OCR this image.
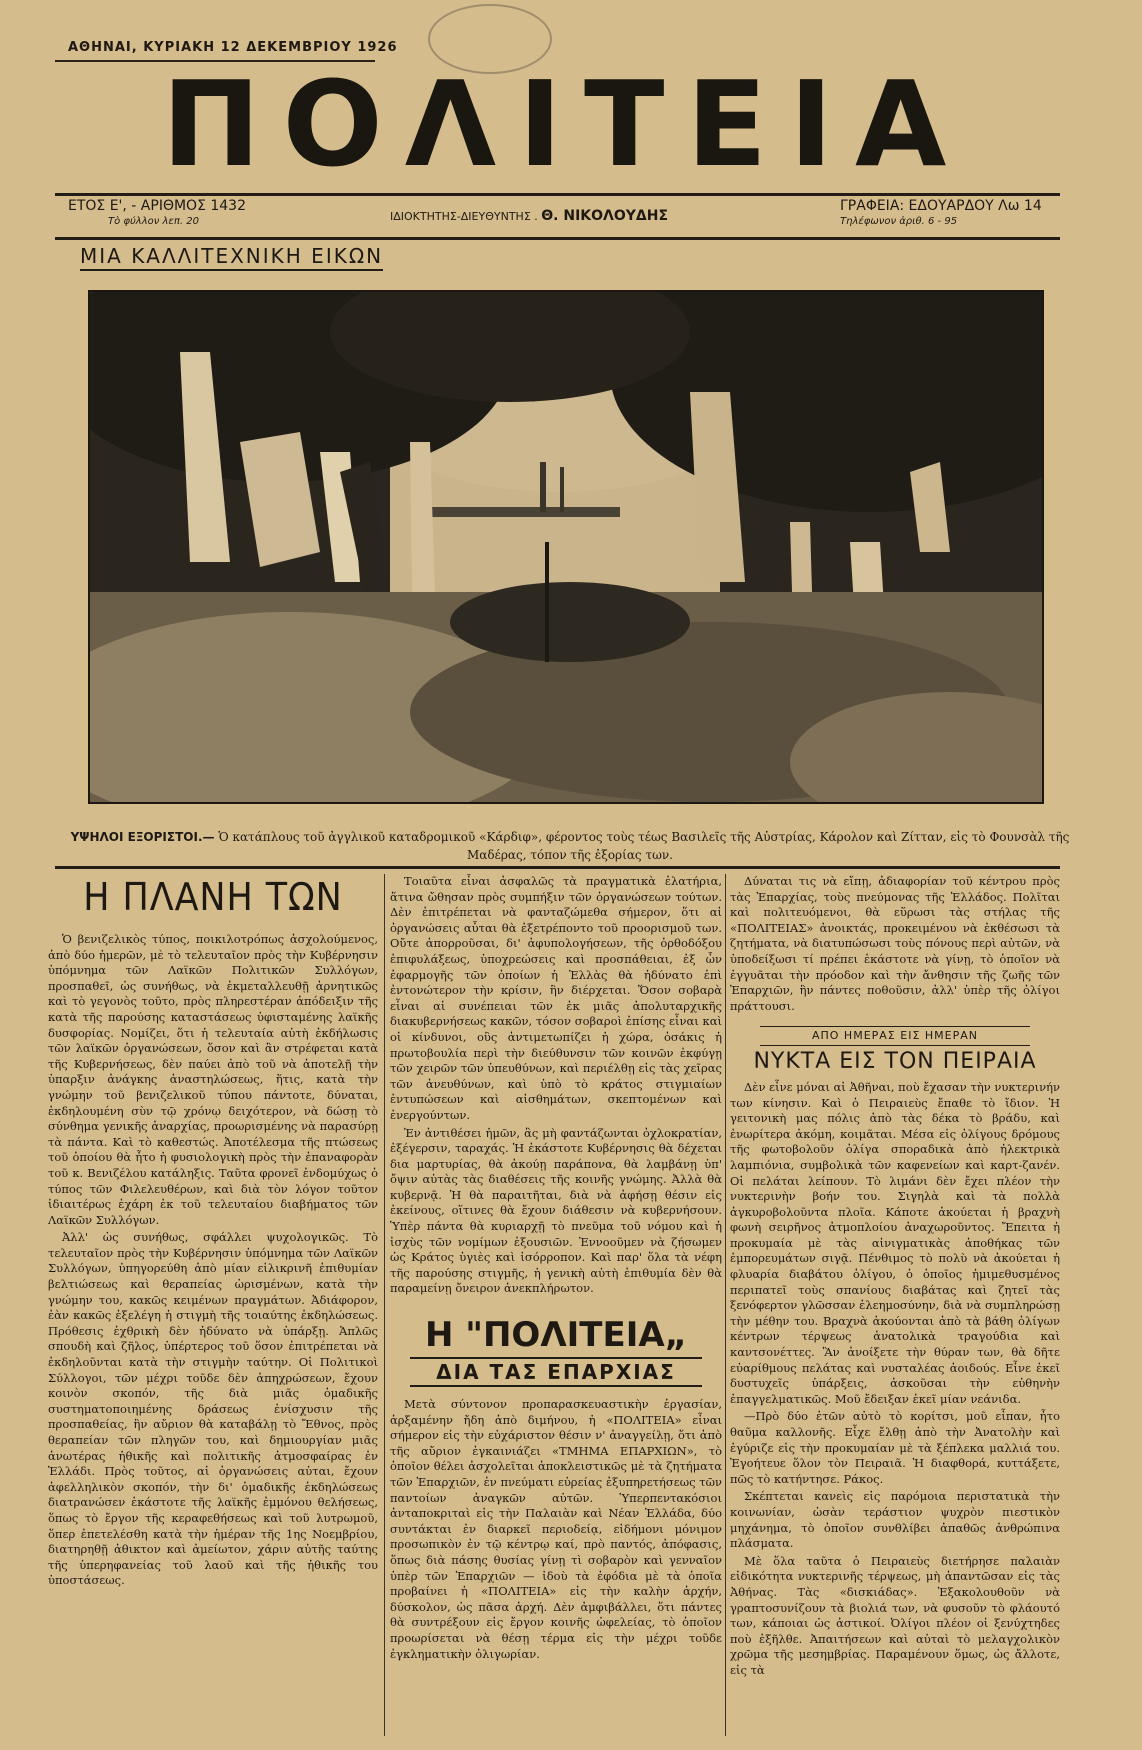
ΑΘΗΝΑΙ, ΚΥΡΙΑΚΗ 12 ΔΕΚΕΜΒΡΙΟΥ 1926
ΠΟΛΙΤΕΙΑ
ΕΤΟΣ Ε', - ΑΡΙΘΜΟΣ 1432
Τὸ φύλλον λεπ. 20	ΙΔΙΟΚΤΗΤΗΣ-ΔΙΕΥΘΥΝΤΗΣ . Θ. ΝΙΚΟΛΟΥΔΗΣ
ΓΡΑΦΕΙΑ: ΕΔΟΥΑΡΔΟΥ Λω 14
Τηλέφωνον ἀριθ. 6 - 95
ΜΙΑ ΚΑΛΛΙΤΕΧΝΙΚΗ ΕΙΚΩΝ
ΥΨΗΛΟΙ ΕΞΟΡΙΣΤΟΙ.— Ὁ κατάπλους τοῦ ἀγγλικοῦ καταδρομικοῦ «Κάρδιφ», φέροντος τοὺς τέως Βασιλεῖς τῆς Αὐστρίας, Κάρολον καὶ Ζίτταν, εἰς τὸ Φουνσὰλ τῆς Μαδέρας, τόπον τῆς ἐξορίας των.
Η ΠΛΑΝΗ ΤΩΝ

Ὁ βενιζελικὸς τύπος, ποικιλοτρόπως ἀσχολούμενος, ἀπὸ δύο ἡμερῶν, μὲ τὸ τελευταῖον πρὸς τὴν Κυβέρνησιν ὑπόμνημα τῶν Λαϊκῶν Πολιτικῶν Συλλόγων, προσπαθεῖ, ὡς συνήθως, νὰ ἐκμεταλλευθῇ ἀρνητικῶς καὶ τὸ γεγονὸς τοῦτο, πρὸς πληρεστέραν ἀπόδειξιν τῆς κατὰ τῆς παρούσης καταστάσεως ὑφισταμένης λαϊκῆς δυσφορίας. Νομίζει, ὅτι ἡ τελευταία αὐτὴ ἐκδήλωσις τῶν λαϊκῶν ὀργανώσεων, ὅσον καὶ ἂν στρέφεται κατὰ τῆς Κυβερνήσεως, δὲν παύει ἀπὸ τοῦ νὰ ἀποτελῇ τὴν ὑπαρξιν ἀνάγκης ἀναστηλώσεως, ἥτις, κατὰ τὴν γνώμην τοῦ βενιζελικοῦ τύπου πάντοτε, δύναται, ἐκδηλουμένη σὺν τῷ χρόνῳ δειχότερον, νὰ δώσῃ τὸ σύνθημα γενικῆς ἀναρχίας, προωρισμένης νὰ παρασύρῃ τὰ πάντα. Καὶ τὸ καθεστώς. Ἀποτέλεσμα τῆς πτώσεως τοῦ ὁποίου θὰ ἦτο ἡ φυσιολογικὴ πρὸς τὴν ἐπαναφορὰν τοῦ κ. Βενιζέλου κατάληξις. Ταῦτα φρονεῖ ἐνδομύχως ὁ τύπος τῶν Φιλελευθέρων, καὶ διὰ τὸν λόγον τοῦτον ἰδιαιτέρως ἐχάρη ἐκ τοῦ τελευταίου διαβήματος τῶν Λαϊκῶν Συλλόγων.

Ἀλλ' ὡς συνήθως, σφάλλει ψυχολογικῶς. Τὸ τελευταῖον πρὸς τὴν Κυβέρνησιν ὑπόμνημα τῶν Λαϊκῶν Συλλόγων, ὑπηγορεύθη ἀπὸ μίαν εἰλικρινῆ ἐπιθυμίαν βελτιώσεως καὶ θεραπείας ὡρισμένων, κατὰ τὴν γνώμην του, κακῶς κειμένων πραγμάτων. Ἀδιάφορον, ἐὰν κακῶς ἐξελέγη ἡ στιγμὴ τῆς τοιαύτης ἐκδηλώσεως. Πρόθεσις ἐχθρικὴ δὲν ἠδύνατο νὰ ὑπάρξῃ. Ἁπλῶς σπουδὴ καὶ ζῆλος, ὑπέρτερος τοῦ ὅσον ἐπιτρέπεται νὰ ἐκδηλοῦνται κατὰ τὴν στιγμὴν ταύτην. Οἱ Πολιτικοὶ Σύλλογοι, τῶν μέχρι τοῦδε δὲν ἀπηχρώσεων, ἔχουν κοινὸν σκοπόν, τῆς διὰ μιᾶς ὁμαδικῆς συστηματοποιημένης δράσεως ἐνίσχυσιν τῆς προσπαθείας, ἣν αὔριον θὰ καταβάλῃ τὸ Ἔθνος, πρὸς θεραπείαν τῶν πληγῶν του, καὶ δημιουργίαν μιᾶς ἀνωτέρας ἠθικῆς καὶ πολιτικῆς ἀτμοσφαίρας ἐν Ἑλλάδι. Πρὸς τοῦτος, αἱ ὀργανώσεις αὐται, ἔχουν ἀφελληλικὸν σκοπόν, τὴν δι' ὁμαδικῆς ἐκδηλώσεως διατρανώσεν ἑκάστοτε τῆς λαϊκῆς ἐμμόνου θελήσεως, ὅπως τὸ ἔργον τῆς κεραφεθήσεως καὶ τοῦ λυτρωμοῦ, ὅπερ ἐπετελέσθη κατὰ τὴν ἡμέραν τῆς 1ης Νοεμβρίου, διατηρηθῇ ἀθικτον καὶ ἀμείωτον, χάριν αὐτῆς ταύτης τῆς ὑπερηφανείας τοῦ λαοῦ καὶ τῆς ἠθικῆς του ὑποστάσεως.

Τοιαῦτα εἶναι ἀσφαλῶς τὰ πραγματικὰ ἐλατήρια, ἅτινα ὤθησαν πρὸς συμπήξιν τῶν ὀργανώσεων τούτων. Δὲν ἐπιτρέπεται νὰ φανταζώμεθα σήμερον, ὅτι αἱ ὀργανώσεις αὗται θὰ ἐξετρέποντο τοῦ προορισμοῦ των. Οὔτε ἀπορροῦσαι, δι' ἀφυπολογήσεων, τῆς ὀρθοδόξου ἐπιφυλάξεως, ὑποχρεώσεις καὶ προσπάθειαι, ἐξ ὧν ἐφαρμογῆς τῶν ὁποίων ἡ Ἑλλὰς θὰ ἠδύνατο ἐπὶ ἐντονώτερον τὴν κρίσιν, ἣν διέρχεται. Ὅσον σοβαρὰ εἶναι αἱ συνέπειαι τῶν ἐκ μιᾶς ἀπολυταρχικῆς διακυβερνήσεως κακῶν, τόσον σοβαροὶ ἐπίσης εἶναι καὶ οἱ κίνδυνοι, οὓς ἀντιμετωπίζει ἡ χώρα, ὁσάκις ἡ πρωτοβουλία περὶ τὴν διεύθυνσιν τῶν κοινῶν ἐκφύγῃ τῶν χειρῶν τῶν ὑπευθύνων, καὶ περιέλθῃ εἰς τὰς χεῖρας τῶν ἀνευθύνων, καὶ ὑπὸ τὸ κράτος στιγμιαίων ἐντυπώσεων καὶ αἰσθημάτων, σκεπτομένων καὶ ἐνεργούντων.

Ἐν ἀντιθέσει ἡμῶν, ἂς μὴ φαντάζωνται ὀχλοκρατίαν, ἐξέγερσιν, ταραχάς. Ἡ ἑκάστοτε Κυβέρνησις θὰ δέχεται δια μαρτυρίας, θὰ ἀκούῃ παράπονα, θὰ λαμβάνῃ ὑπ' ὄψιν αὐτὰς τὰς διαθέσεις τῆς κοινῆς γνώμης. Ἀλλὰ θὰ κυβερνᾷ. Ἡ θὰ παραιτῆται, διὰ νὰ ἀφήσῃ θέσιν εἰς ἐκείνους, οἵτινες θὰ ἔχουν διάθεσιν νὰ κυβερνήσουν. Ὑπὲρ πάντα θὰ κυριαρχῇ τὸ πνεῦμα τοῦ νόμου καὶ ἡ ἰσχὺς τῶν νομίμων ἐξουσιῶν. Ἐννοοῦμεν νὰ ζήσωμεν ὡς Κράτος ὑγιὲς καὶ ἰσόρροπον. Καὶ παρ' ὅλα τὰ νέφη τῆς παρούσης στιγμῆς, ἡ γενικὴ αὐτὴ ἐπιθυμία δὲν θὰ παραμείνῃ ὄνειρον ἀνεκπλήρωτον.

Η "ΠΟΛΙΤΕΙΑ„
ΔΙΑ ΤΑΣ ΕΠΑΡΧΙΑΣ

Μετὰ σύντονον προπαρασκευαστικὴν ἐργασίαν, ἀρξαμένην ἤδη ἀπὸ διμήνου, ἡ «ΠΟΛΙΤΕΙΑ» εἶναι σήμερον εἰς τὴν εὐχάριστον θέσιν ν' ἀναγγείλῃ, ὅτι ἀπὸ τῆς αὔριον ἐγκαινιάζει «ΤΜΗΜΑ ΕΠΑΡΧΙΩΝ», τὸ ὁποῖον θέλει ἀσχολεῖται ἀποκλειστικῶς μὲ τὰ ζητήματα τῶν Ἐπαρχιῶν, ἐν πνεύματι εὐρείας ἐξυπηρετήσεως τῶν παντοίων ἀναγκῶν αὐτῶν. Ὑπερπεντακόσιοι ἀνταποκριταὶ εἰς τὴν Παλαιὰν καὶ Νέαν Ἑλλάδα, δύο συντάκται ἐν διαρκεῖ περιοδείᾳ, εἰδήμονι μόνιμον προσωπικὸν ἐν τῷ κέντρῳ καί, πρὸ παντός, ἀπόφασις, ὅπως διὰ πάσης θυσίας γίνῃ τὶ σοβαρὸν καὶ γενναῖον ὑπὲρ τῶν Ἐπαρχιῶν — ἰδοὺ τὰ ἐφόδια μὲ τὰ ὁποῖα προβαίνει ἡ «ΠΟΛΙΤΕΙΑ» εἰς τὴν καλὴν ἀρχήν, δύσκολον, ὡς πᾶσα ἀρχή. Δὲν ἀμφιβάλλει, ὅτι πάντες θὰ συντρέξουν εἰς ἔργον κοινῆς ὠφελείας, τὸ ὁποῖον προωρίσεται νὰ θέσῃ τέρμα εἰς τὴν μέχρι τοῦδε ἐγκληματικὴν ὀλιγωρίαν.

Δύναται τις νὰ εἴπῃ, ἀδιαφορίαν τοῦ κέντρου πρὸς τὰς Ἐπαρχίας, τοὺς πνεύμονας τῆς Ἑλλάδος. Πολῖται καὶ πολιτευόμενοι, θὰ εὕρωσι τὰς στήλας τῆς «ΠΟΛΙΤΕΙΑΣ» ἀνοικτάς, προκειμένου νὰ ἐκθέσωσι τὰ ζητήματα, νὰ διατυπώσωσι τοὺς πόνους περὶ αὐτῶν, νὰ ὑποδείξωσι τί πρέπει ἑκάστοτε νὰ γίνῃ, τὸ ὁποῖον νὰ ἐγγυᾶται τὴν πρόοδον καὶ τὴν ἄνθησιν τῆς ζωῆς τῶν Ἐπαρχιῶν, ἣν πάντες ποθοῦσιν, ἀλλ' ὑπὲρ τῆς ὀλίγοι πράττουσι.

ΑΠΟ ΗΜΕΡΑΣ ΕΙΣ ΗΜΕΡΑΝ
ΝΥΚΤΑ ΕΙΣ ΤΟΝ ΠΕΙΡΑΙΑ

Δὲν εἶνε μόναι αἱ Ἀθῆναι, ποὺ ἔχασαν τὴν νυκτερινήν των κίνησιν. Καὶ ὁ Πειραιεὺς ἔπαθε τὸ ἴδιον. Ἡ γειτονικὴ μας πόλις ἀπὸ τὰς δέκα τὸ βράδυ, καὶ ἐνωρίτερα ἀκόμη, κοιμᾶται. Μέσα εἰς ὀλίγους δρόμους τῆς φωτοβολοῦν ὀλίγα σποραδικὰ ἀπὸ ἠλεκτρικὰ λαμπιόνια, συμβολικὰ τῶν καφενείων καὶ καρτ-ζανέν. Οἱ πελάται λείπουν. Τὸ λιμάνι δὲν ἔχει πλέον τὴν νυκτερινὴν βοήν του. Σιγηλὰ καὶ τὰ πολλὰ ἀγκυροβολοῦντα πλοῖα. Κάποτε ἀκούεται ἡ βραχνὴ φωνὴ σειρῆνος ἀτμοπλοίου ἀναχωροῦντος. Ἔπειτα ἡ προκυμαία μὲ τὰς αἰνιγματικὰς ἀποθήκας τῶν ἐμπορευμάτων σιγᾷ. Πένθιμος τὸ πολὺ νὰ ἀκούεται ἡ φλυαρία διαβάτου ὁλίγου, ὁ ὁποῖος ἡμιμεθυσμένος περιπατεῖ τοὺς σπανίους διαβάτας καὶ ζητεῖ τὰς ξενόφερτον γλῶσσαν ἐλεημοσύνην, διὰ νὰ συμπληρώσῃ τὴν μέθην του. Βραχνὰ ἀκούονται ἀπὸ τὰ βάθη ὀλίγων κέντρων τέρψεως ἀνατολικὰ τραγούδια καὶ καντσονέττες. Ἂν ἀνοίξετε τὴν θύραν των, θὰ δῆτε εὐαρίθμους πελάτας καὶ νυσταλέας ἀοιδούς. Εἶνε ἐκεῖ δυστυχεῖς ὑπάρξεις, ἀσκοῦσαι τὴν εὐθηνὴν ἐπαγγελματικῶς. Μοῦ ἔδειξαν ἐκεῖ μίαν νεάνιδα.

—Πρὸ δύο ἐτῶν αὐτὸ τὸ κορίτσι, μοῦ εἶπαν, ἦτο θαῦμα καλλονῆς. Εἶχε ἔλθῃ ἀπὸ τὴν Ἀνατολὴν καὶ ἐγύριζε εἰς τὴν προκυμαίαν μὲ τὰ ξέπλεκα μαλλιά του. Ἐγοήτευε ὅλον τὸν Πειραιᾶ. Ἡ διαφθορά, κυττάξετε, πῶς τὸ κατήντησε. Ράκος.

Σκέπτεται κανεὶς εἰς παρόμοια περιστατικὰ τὴν κοινωνίαν, ὡσὰν τεράστιον ψυχρὸν πιεστικὸν μηχάνημα, τὸ ὁποῖον συνθλίβει ἀπαθῶς ἀνθρώπινα πλάσματα.

Μὲ ὅλα ταῦτα ὁ Πειραιεὺς διετήρησε παλαιὰν εἰδικότητα νυκτερινῆς τέρψεως, μὴ ἀπαντῶσαν εἰς τὰς Ἀθήνας. Τὰς «δισκιάδας». Ἐξακολουθοῦν νὰ γραπτοσυνίζουν τὰ βιολιά των, νὰ φυσοῦν τὸ φλάουτό των, κάποιαι ὡς ἀστικοί. Ὀλίγοι πλέον οἱ ξενύχτηδες ποὺ ἐξῆλθε. Ἀπαιτήσεων καὶ αὐταὶ τὸ μελαγχολικὸν χρῶμα τῆς μεσημβρίας. Παραμένουν ὅμως, ὡς ἄλλοτε, εἰς τὰ
